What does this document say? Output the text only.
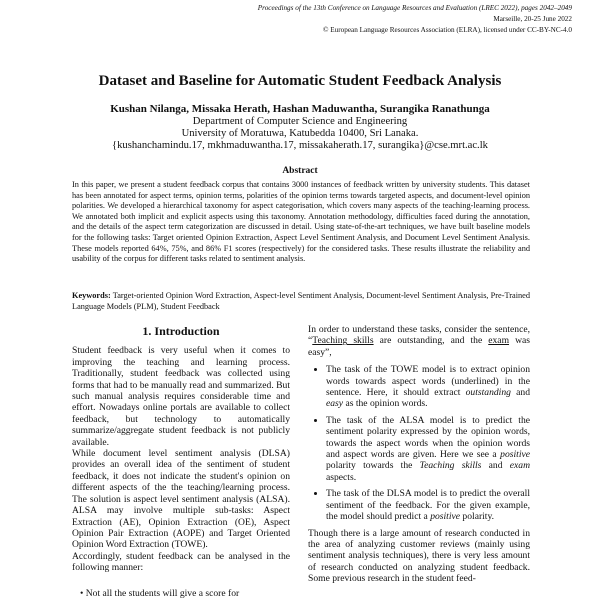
Proceedings of the 13th Conference on Language Resources and Evaluation (LREC 2022), pages 2042–2049
Marseille, 20-25 June 2022
© European Language Resources Association (ELRA), licensed under CC-BY-NC-4.0
Dataset and Baseline for Automatic Student Feedback Analysis
Kushan Nilanga, Missaka Herath, Hashan Maduwantha, Surangika Ranathunga
Department of Computer Science and Engineering
University of Moratuwa, Katubedda 10400, Sri Lanaka.
{kushanchamindu.17, mkhmaduwantha.17, missakaherath.17, surangika}@cse.mrt.ac.lk
Abstract
In this paper, we present a student feedback corpus that contains 3000 instances of feedback written by university students. This dataset has been annotated for aspect terms, opinion terms, polarities of the opinion terms towards targeted aspects, and document-level opinion polarities. We developed a hierarchical taxonomy for aspect categorisation, which covers many aspects of the teaching-learning process. We annotated both implicit and explicit aspects using this taxonomy. Annotation methodology, difficulties faced during the annotation, and the details of the aspect term categorization are discussed in detail. Using state-of-the-art techniques, we have built baseline models for the following tasks: Target oriented Opinion Extraction, Aspect Level Sentiment Analysis, and Document Level Sentiment Analysis. These models reported 64%, 75%, and 86% F1 scores (respectively) for the considered tasks. These results illustrate the reliability and usability of the corpus for different tasks related to sentiment analysis.
Keywords: Target-oriented Opinion Word Extraction, Aspect-level Sentiment Analysis, Document-level Sentiment Analysis, Pre-Trained Language Models (PLM), Student Feedback
1. Introduction

Student feedback is very useful when it comes to improving the teaching and learning process. Traditionally, student feedback was collected using forms that had to be manually read and summarized. But such manual analysis requires considerable time and effort. Nowadays online portals are available to collect feedback, but technology to automatically summarize/aggregate student feedback is not publicly available.

While document level sentiment analysis (DLSA) provides an overall idea of the sentiment of student feedback, it does not indicate the student's opinion on different aspects of the the teaching/learning process. The solution is aspect level sentiment analysis (ALSA). ALSA may involve multiple sub-tasks: Aspect Extraction (AE), Opinion Extraction (OE), Aspect Opinion Pair Extraction (AOPE) and Target Oriented Opinion Word Extraction (TOWE).

Accordingly, student feedback can be analysed in the following manner:

• Not all the students will give a score for

In order to understand these tasks, consider the sentence, “Teaching skills are outstanding, and the exam was easy”,

• The task of the TOWE model is to extract opinion words towards aspect words (underlined) in the sentence. Here, it should extract outstanding and easy as the opinion words.
• The task of the ALSA model is to predict the sentiment polarity expressed by the opinion words, towards the aspect words when the opinion words and aspect words are given. Here we see a positive polarity towards the Teaching skills and exam aspects.
• The task of the DLSA model is to predict the overall sentiment of the feedback. For the given example, the model should predict a positive polarity.

Though there is a large amount of research conducted in the area of analyzing customer reviews (mainly using sentiment analysis techniques), there is very less amount of research conducted on analyzing student feedback. Some previous research in the student feed-
